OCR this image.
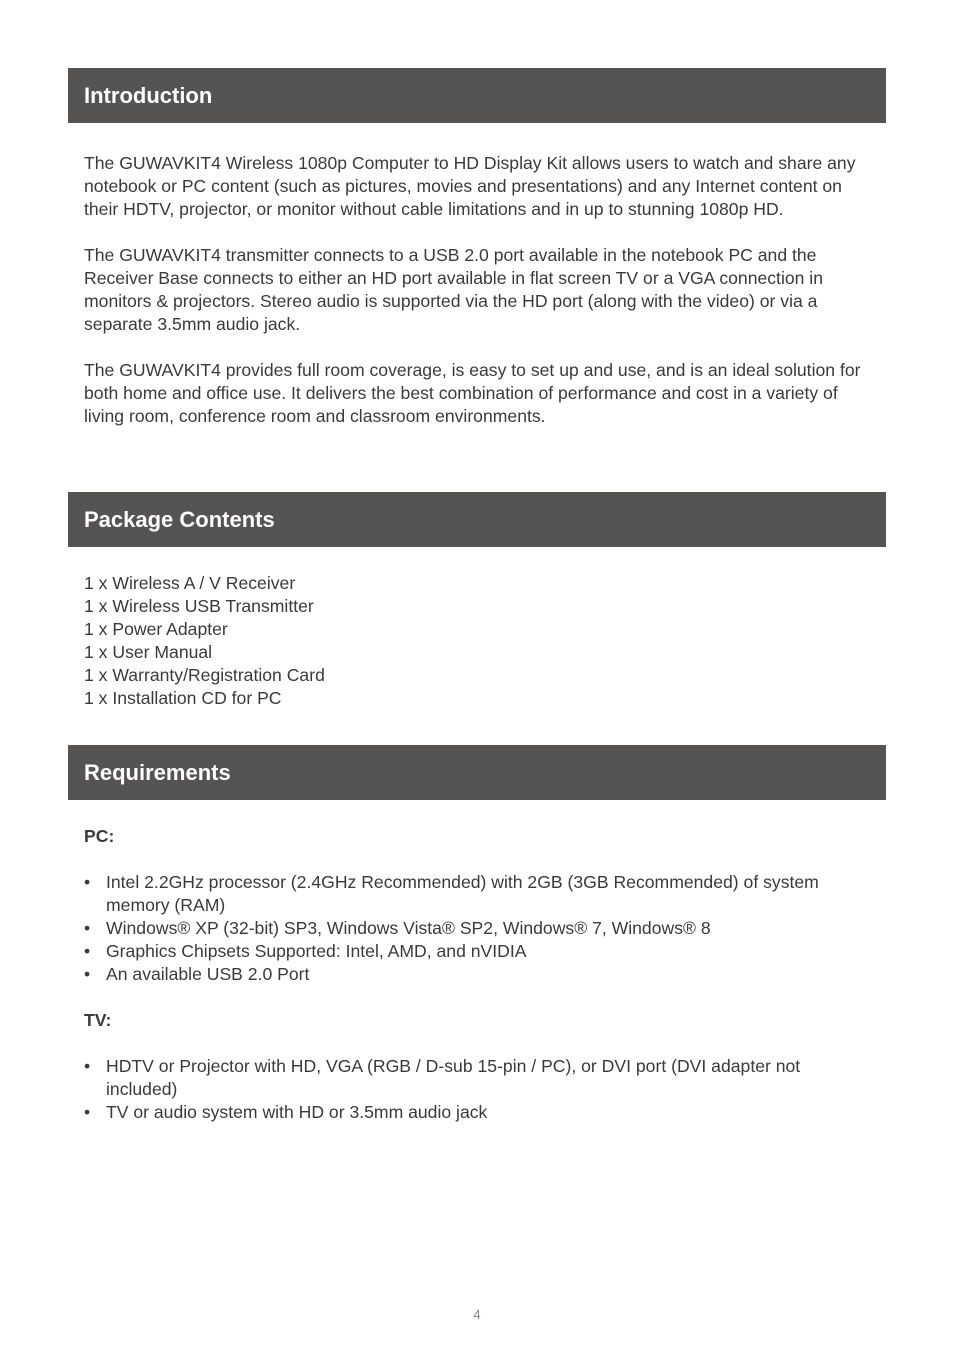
Introduction

The GUWAVKIT4 Wireless 1080p Computer to HD Display Kit allows users to watch and share any notebook or PC content (such as pictures, movies and presentations) and any Internet content on their HDTV, projector, or monitor without cable limitations and in up to stunning 1080p HD.

The GUWAVKIT4 transmitter connects to a USB 2.0 port available in the notebook PC and the Receiver Base connects to either an HD port available in flat screen TV or a VGA connection in monitors & projectors. Stereo audio is supported via the HD port (along with the video) or via a separate 3.5mm audio jack.

The GUWAVKIT4 provides full room coverage, is easy to set up and use, and is an ideal solution for both home and office use. It delivers the best combination of performance and cost in a variety of living room, conference room and classroom environments.

Package Contents
1 x Wireless A / V Receiver
1 x Wireless USB Transmitter
1 x Power Adapter
1 x User Manual
1 x Warranty/Registration Card
1 x Installation CD for PC
Requirements

PC:

• Intel 2.2GHz processor (2.4GHz Recommended) with 2GB (3GB Recommended) of system memory (RAM)
• Windows® XP (32-bit) SP3, Windows Vista® SP2, Windows® 7, Windows® 8
• Graphics Chipsets Supported: Intel, AMD, and nVIDIA
• An available USB 2.0 Port

TV:

• HDTV or Projector with HD, VGA (RGB / D-sub 15-pin / PC), or DVI port (DVI adapter not included)
• TV or audio system with HD or 3.5mm audio jack
4
